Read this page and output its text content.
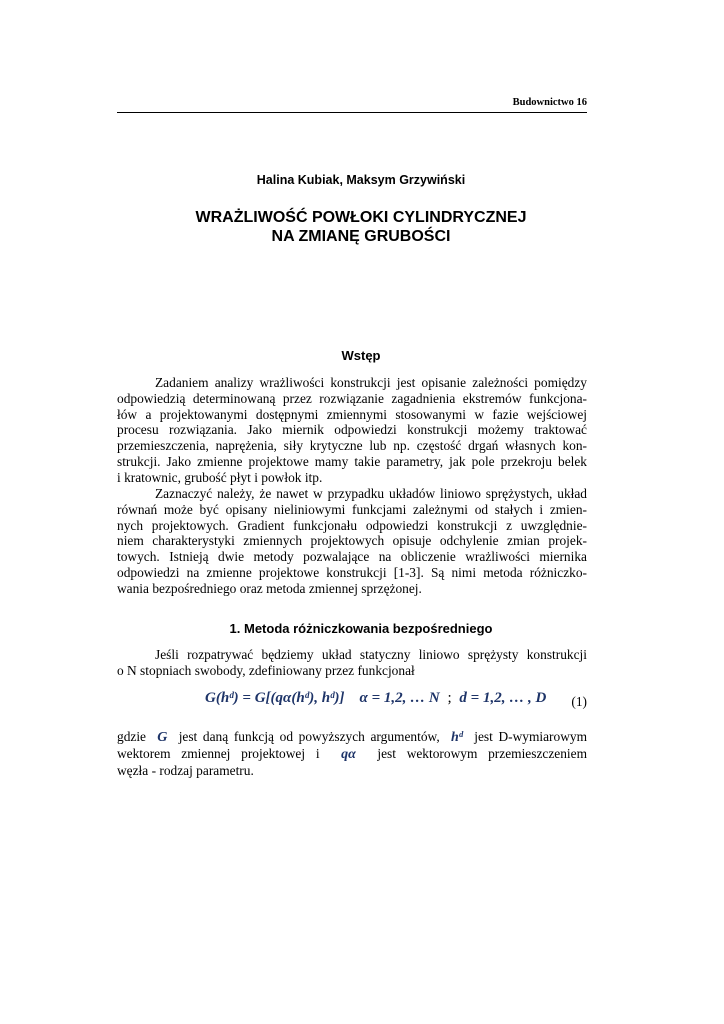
Budownictwo 16
Halina Kubiak, Maksym Grzywiński
WRAŻLIWOŚĆ POWŁOKI CYLINDRYCZNEJ
NA ZMIANĘ GRUBOŚCI
Wstęp
Zadaniem analizy wrażliwości konstrukcji jest opisanie zależności pomiędzy
odpowiedzią determinowaną przez rozwiązanie zagadnienia ekstremów funkcjona-
łów a projektowanymi dostępnymi zmiennymi stosowanymi w fazie wejściowej
procesu rozwiązania. Jako miernik odpowiedzi konstrukcji możemy traktować
przemieszczenia, naprężenia, siły krytyczne lub np. częstość drgań własnych kon-
strukcji. Jako zmienne projektowe mamy takie parametry, jak pole przekroju belek
i kratownic, grubość płyt i powłok itp.
Zaznaczyć należy, że nawet w przypadku układów liniowo sprężystych, układ
równań może być opisany nieliniowymi funkcjami zależnymi od stałych i zmien-
nych projektowych. Gradient funkcjonału odpowiedzi konstrukcji z uwzględnie-
niem charakterystyki zmiennych projektowych opisuje odchylenie zmian projek-
towych. Istnieją dwie metody pozwalające na obliczenie wrażliwości miernika
odpowiedzi na zmienne projektowe konstrukcji [1-3]. Są nimi metoda różniczko-
wania bezpośredniego oraz metoda zmiennej sprzężonej.
1. Metoda różniczkowania bezpośredniego
Jeśli rozpatrywać będziemy układ statyczny liniowo sprężysty konstrukcji
o N stopniach swobody, zdefiniowany przez funkcjonał
G(hᵈ) = G[(qα(hᵈ), hᵈ)] α = 1,2, … N ; d = 1,2, … , D (1)
gdzie G jest daną funkcją od powyższych argumentów, hᵈ jest D-wymiarowym
wektorem zmiennej projektowej i qα jest wektorowym przemieszczeniem
węzła - rodzaj parametru.
